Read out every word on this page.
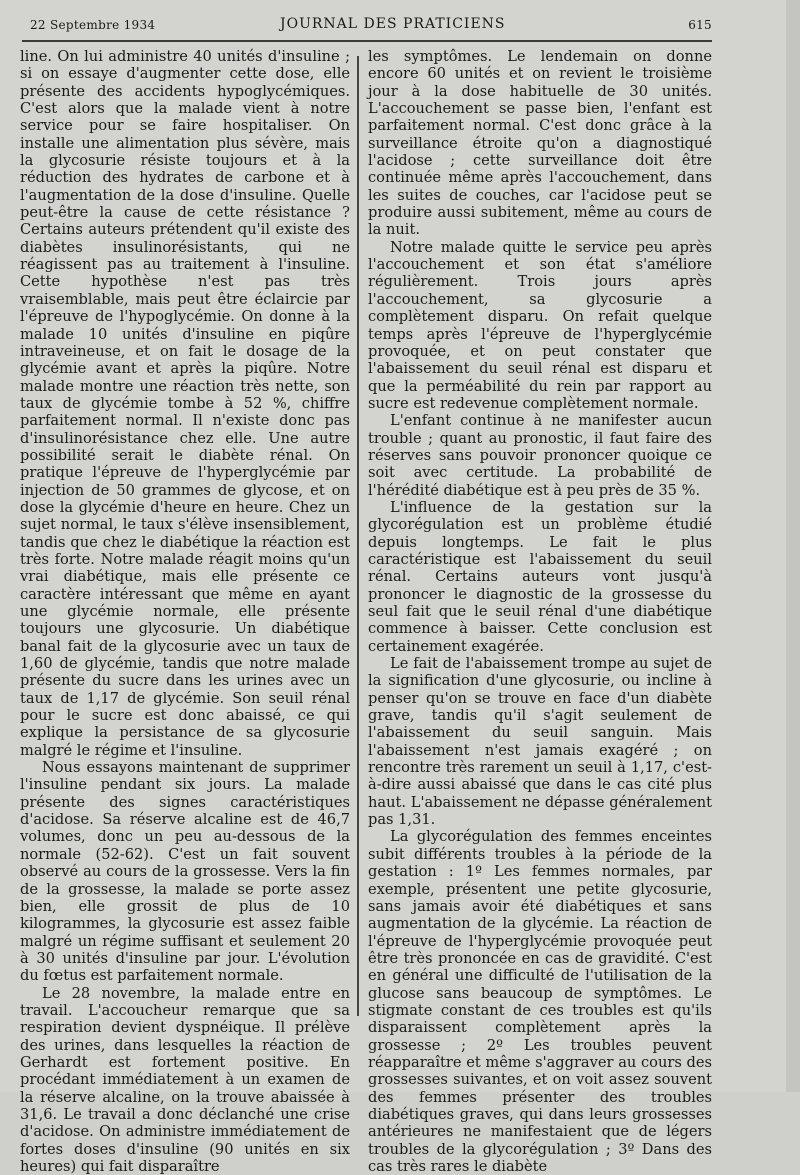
22 Septembre 1934	JOURNAL DES PRATICIENS	615

line. On lui administre 40 unités d'insuline ; si on essaye d'augmenter cette dose, elle présente des accidents hypoglycémiques. C'est alors que la malade vient à notre service pour se faire hospitaliser. On installe une alimentation plus sévère, mais la glycosurie résiste toujours et à la réduction des hydrates de carbone et à l'augmentation de la dose d'insuline. Quelle peut-être la cause de cette résistance ? Certains auteurs prétendent qu'il existe des diabètes insulinorésistants, qui ne réagissent pas au traitement à l'insuline. Cette hypothèse n'est pas très vraisemblable, mais peut être éclaircie par l'épreuve de l'hypoglycémie. On donne à la malade 10 unités d'insuline en piqûre intraveineuse, et on fait le dosage de la glycémie avant et après la piqûre. Notre malade montre une réaction très nette, son taux de glycémie tombe à 52 %, chiffre parfaitement normal. Il n'existe donc pas d'insulinorésistance chez elle. Une autre possibilité serait le diabète rénal. On pratique l'épreuve de l'hyperglycémie par injection de 50 grammes de glycose, et on dose la glycémie d'heure en heure. Chez un sujet normal, le taux s'élève insensiblement, tandis que chez le diabétique la réaction est très forte. Notre malade réagit moins qu'un vrai diabétique, mais elle présente ce caractère intéressant que même en ayant une glycémie normale, elle présente toujours une glycosurie. Un diabétique banal fait de la glycosurie avec un taux de 1,60 de glycémie, tandis que notre malade présente du sucre dans les urines avec un taux de 1,17 de glycémie. Son seuil rénal pour le sucre est donc abaissé, ce qui explique la persistance de sa glycosurie malgré le régime et l'insuline.

Nous essayons maintenant de supprimer l'insuline pendant six jours. La malade présente des signes caractéristiques d'acidose. Sa réserve alcaline est de 46,7 volumes, donc un peu au-dessous de la normale (52-62). C'est un fait souvent observé au cours de la grossesse. Vers la fin de la grossesse, la malade se porte assez bien, elle grossit de plus de 10 kilogrammes, la glycosurie est assez faible malgré un régime suffisant et seulement 20 à 30 unités d'insuline par jour. L'évolution du fœtus est parfaitement normale.

Le 28 novembre, la malade entre en travail. L'accoucheur remarque que sa respiration devient dyspnéique. Il prélève des urines, dans lesquelles la réaction de Gerhardt est fortement positive. En procédant immédiatement à un examen de la réserve alcaline, on la trouve abaissée à 31,6. Le travail a donc déclanché une crise d'acidose. On administre immédiatement de fortes doses d'insuline (90 unités en six heures) qui fait disparaître

les symptômes. Le lendemain on donne encore 60 unités et on revient le troisième jour à la dose habituelle de 30 unités. L'accouchement se passe bien, l'enfant est parfaitement normal. C'est donc grâce à la surveillance étroite qu'on a diagnostiqué l'acidose ; cette surveillance doit être continuée même après l'accouchement, dans les suites de couches, car l'acidose peut se produire aussi subitement, même au cours de la nuit.

Notre malade quitte le service peu après l'accouchement et son état s'améliore régulièrement. Trois jours après l'accouchement, sa glycosurie a complètement disparu. On refait quelque temps après l'épreuve de l'hyperglycémie provoquée, et on peut constater que l'abaissement du seuil rénal est disparu et que la perméabilité du rein par rapport au sucre est redevenue complètement normale.

L'enfant continue à ne manifester aucun trouble ; quant au pronostic, il faut faire des réserves sans pouvoir prononcer quoique ce soit avec certitude. La probabilité de l'hérédité diabétique est à peu près de 35 %.

L'influence de la gestation sur la glycorégulation est un problème étudié depuis longtemps. Le fait le plus caractéristique est l'abaissement du seuil rénal. Certains auteurs vont jusqu'à prononcer le diagnostic de la grossesse du seul fait que le seuil rénal d'une diabétique commence à baisser. Cette conclusion est certainement exagérée.

Le fait de l'abaissement trompe au sujet de la signification d'une glycosurie, ou incline à penser qu'on se trouve en face d'un diabète grave, tandis qu'il s'agit seulement de l'abaissement du seuil sanguin. Mais l'abaissement n'est jamais exagéré ; on rencontre très rarement un seuil à 1,17, c'est-à-dire aussi abaissé que dans le cas cité plus haut. L'abaissement ne dépasse généralement pas 1,31.

La glycorégulation des femmes enceintes subit différents troubles à la période de la gestation : 1º Les femmes normales, par exemple, présentent une petite glycosurie, sans jamais avoir été diabétiques et sans augmentation de la glycémie. La réaction de l'épreuve de l'hyperglycémie provoquée peut être très prononcée en cas de gravidité. C'est en général une difficulté de l'utilisation de la glucose sans beaucoup de symptômes. Le stigmate constant de ces troubles est qu'ils disparaissent complètement après la grossesse ; 2º Les troubles peuvent réapparaître et même s'aggraver au cours des grossesses suivantes, et on voit assez souvent des femmes présenter des troubles diabétiques graves, qui dans leurs grossesses antérieures ne manifestaient que de légers troubles de la glycorégulation ; 3º Dans des cas très rares le diabète
